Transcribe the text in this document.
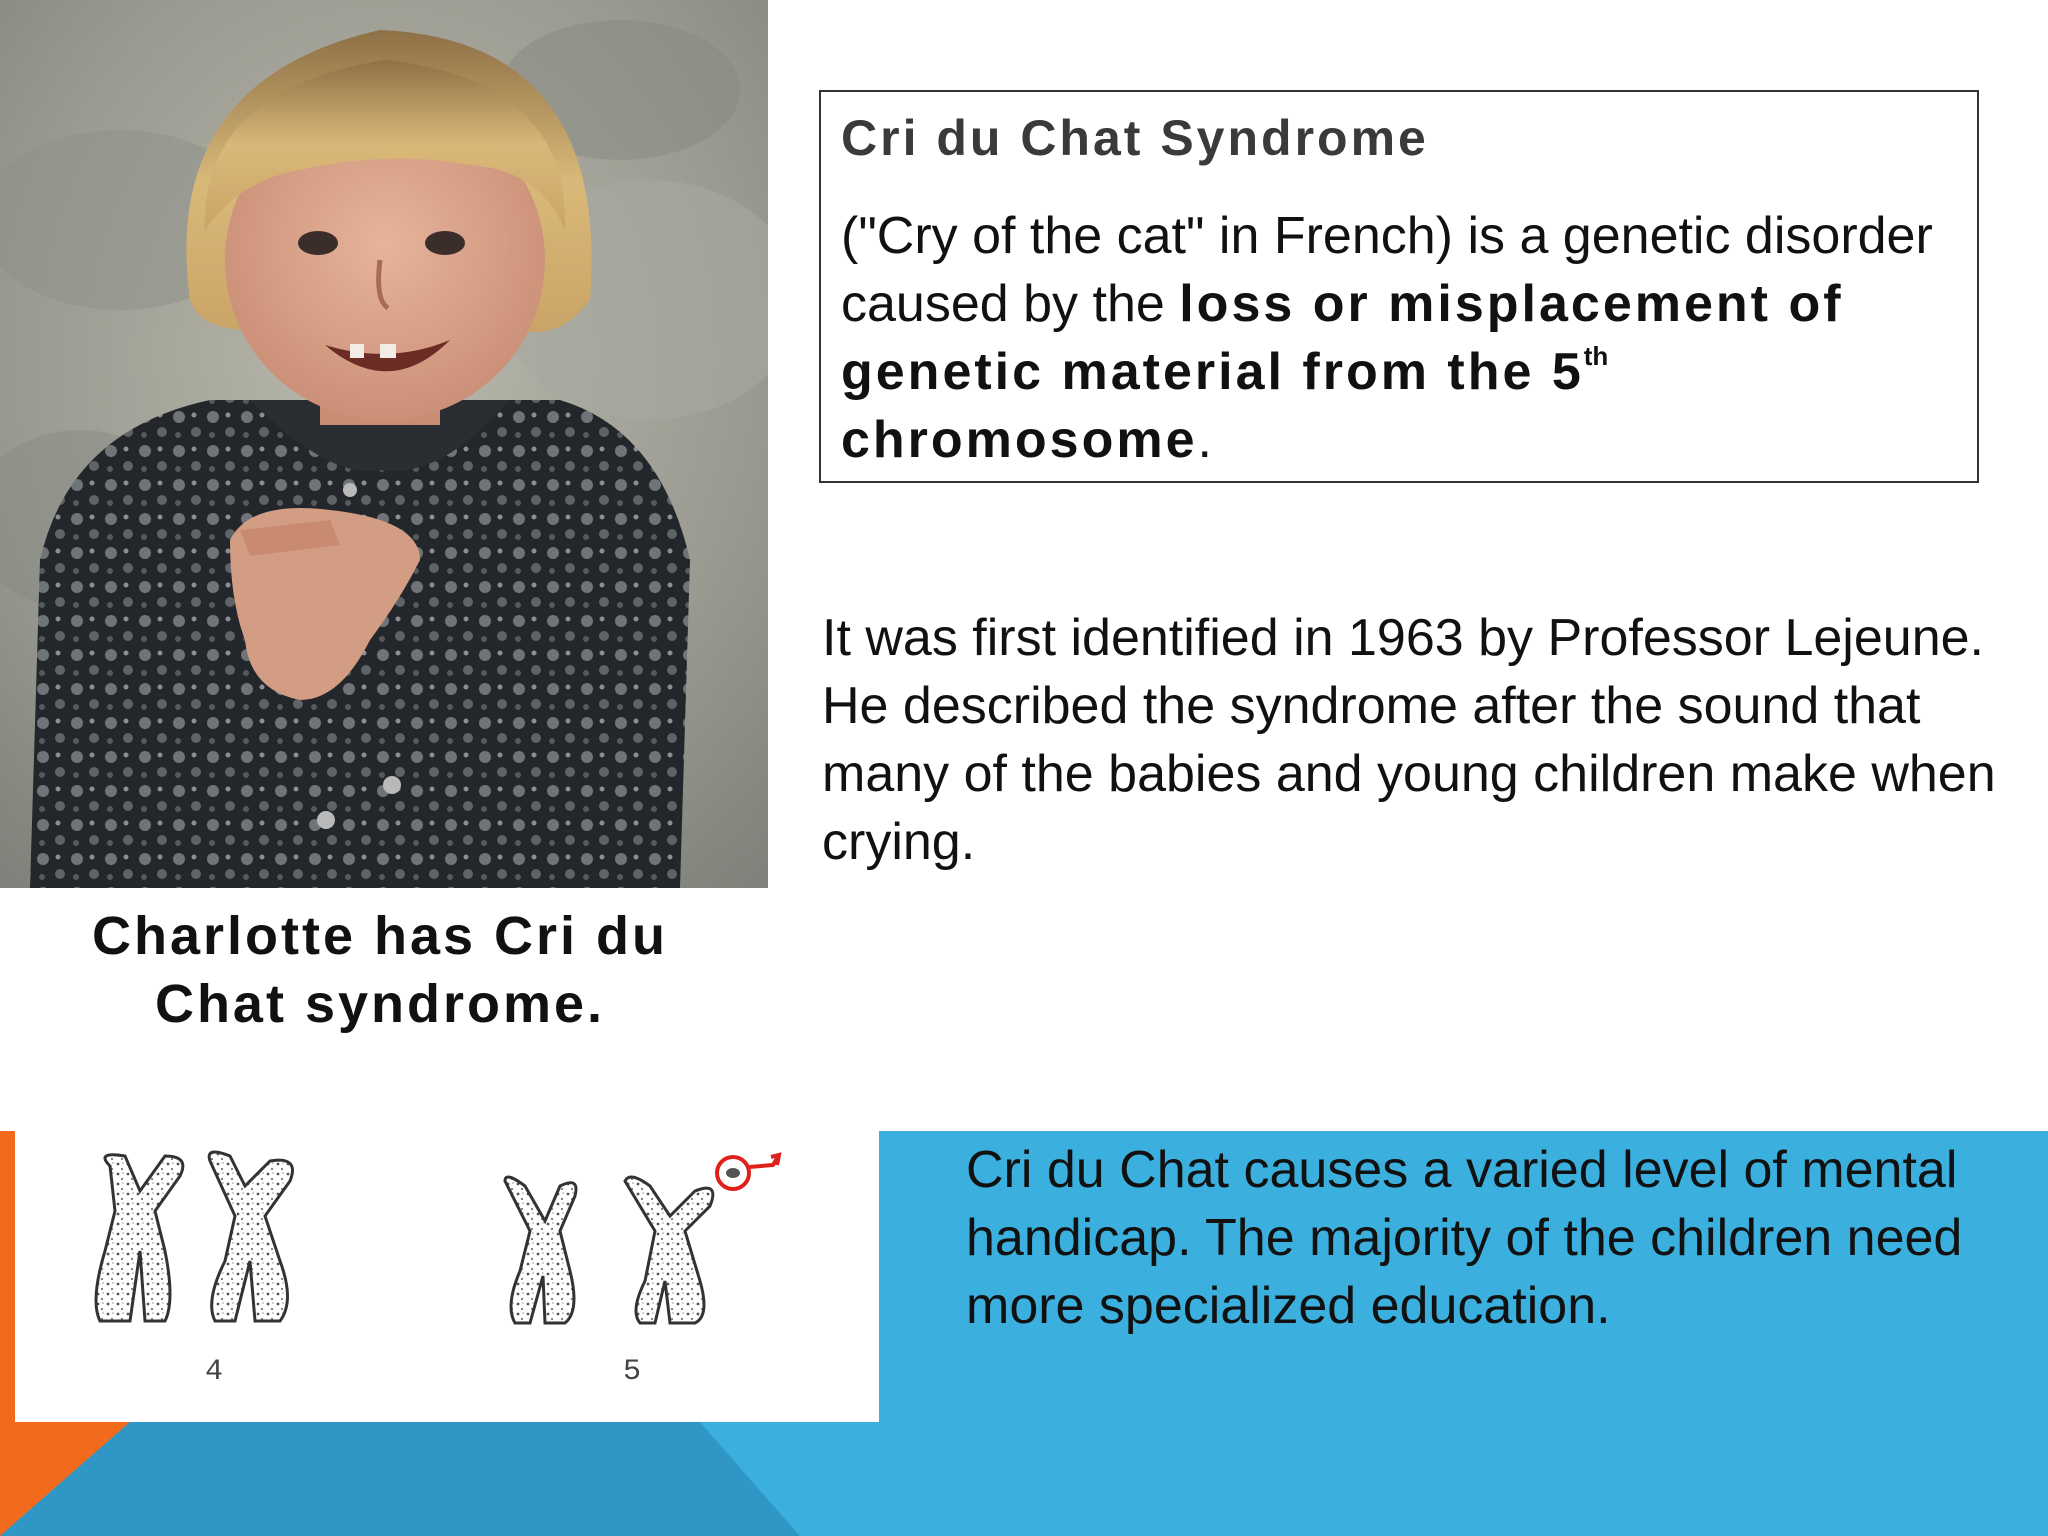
Charlotte has Cri du
Chat syndrome.
Cri du Chat Syndrome
("Cry of the cat" in French) is a genetic disorder caused by the loss or misplacement of genetic material from the 5th chromosome.
It was first identified in 1963 by Professor Lejeune. He described the syndrome after the sound that many of the babies and young children make when crying.
Cri du Chat causes a varied level of mental handicap. The majority of the children need more specialized education.
4	5
